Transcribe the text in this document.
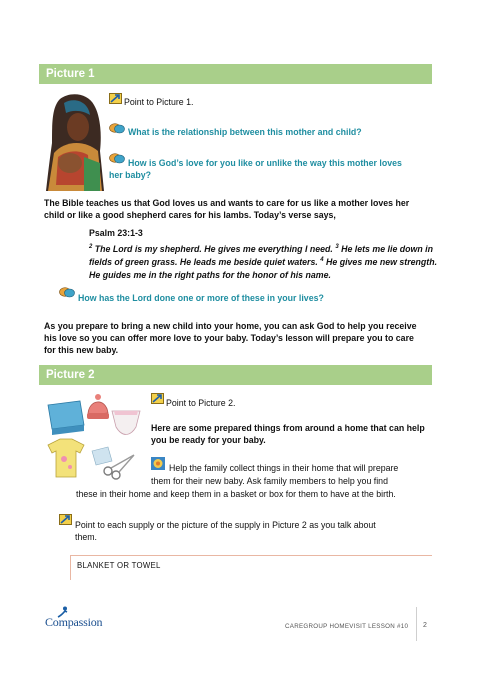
Picture 1
Point to Picture 1.
What is the relationship between this mother and child?
How is God’s love for you like or unlike the way this mother loves
her baby?
The Bible teaches us that God loves us and wants to care for us like a mother loves her
child or like a good shepherd cares for his lambs. Today’s verse says,
Psalm 23:1-3
$^2$ The Lord is my shepherd. He gives me everything I need. $^3$ He lets me lie down in
fields of green grass. He leads me beside quiet waters. $^4$ He gives me new strength.
He guides me in the right paths for the honor of his name.
How has the Lord done one or more of these in your lives?
As you prepare to bring a new child into your home, you can ask God to help you receive
his love so you can offer more love to your baby. Today’s lesson will prepare you to care
for this new baby.
Picture 2
Point to Picture 2.
Here are some prepared things from around a home that can help
you be ready for your baby.
Help the family collect things in their home that will prepare
them for their new baby. Ask family members to help you find
these in their home and keep them in a basket or box for them to have at the birth.
Point to each supply or the picture of the supply in Picture 2 as you talk about
them.
BLANKET OR TOWEL
Compassion	CAREGROUP HOMEVISIT LESSON #10 2
